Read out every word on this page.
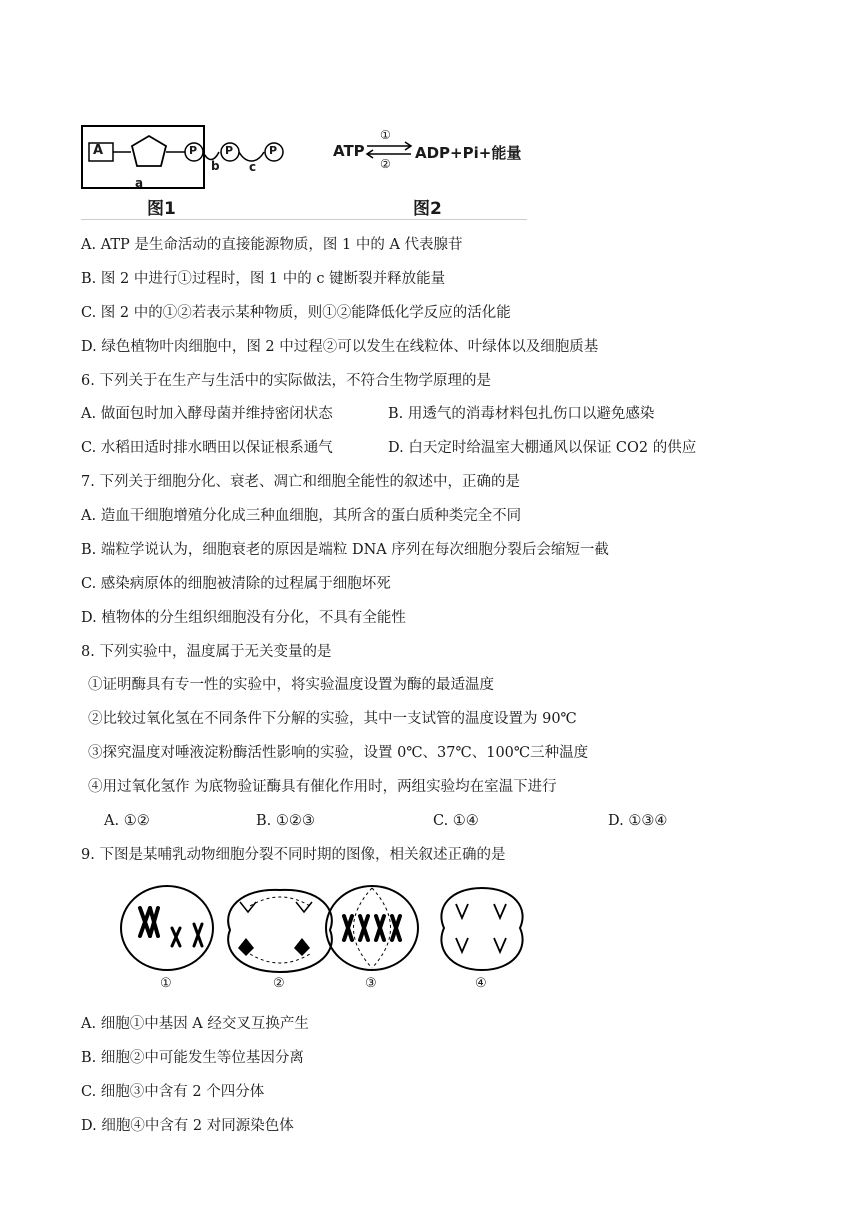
A	P	P	P
a
b c
ATP
①
②
ADP+Pi+能量
图1	图2
A. ATP 是生命活动的直接能源物质，图 1 中的 A 代表腺苷
B. 图 2 中进行①过程时，图 1 中的 c 键断裂并释放能量
C. 图 2 中的①②若表示某种物质，则①②能降低化学反应的活化能
D. 绿色植物叶肉细胞中，图 2 中过程②可以发生在线粒体、叶绿体以及细胞质基
6. 下列关于在生产与生活中的实际做法，不符合生物学原理的是
A. 做面包时加入酵母菌并维持密闭状态	B. 用透气的消毒材料包扎伤口以避免感染
C. 水稻田适时排水晒田以保证根系通气	D. 白天定时给温室大棚通风以保证 CO2 的供应
7. 下列关于细胞分化、衰老、凋亡和细胞全能性的叙述中，正确的是
A. 造血干细胞增殖分化成三种血细胞，其所含的蛋白质种类完全不同
B. 端粒学说认为，细胞衰老的原因是端粒 DNA 序列在每次细胞分裂后会缩短一截
C. 感染病原体的细胞被清除的过程属于细胞坏死
D. 植物体的分生组织细胞没有分化，不具有全能性
8. 下列实验中，温度属于无关变量的是
①证明酶具有专一性的实验中，将实验温度设置为酶的最适温度
②比较过氧化氢在不同条件下分解的实验，其中一支试管的温度设置为 90℃
③探究温度对唾液淀粉酶活性影响的实验，设置 0℃、37℃、100℃三种温度
④用过氧化氢作 为底物验证酶具有催化作用时，两组实验均在室温下进行
A. ①②	B. ①②③	C. ①④	D. ①③④
9. 下图是某哺乳动物细胞分裂不同时期的图像，相关叙述正确的是
①	②	③	④
A. 细胞①中基因 A 经交叉互换产生
B. 细胞②中可能发生等位基因分离
C. 细胞③中含有 2 个四分体
D. 细胞④中含有 2 对同源染色体
